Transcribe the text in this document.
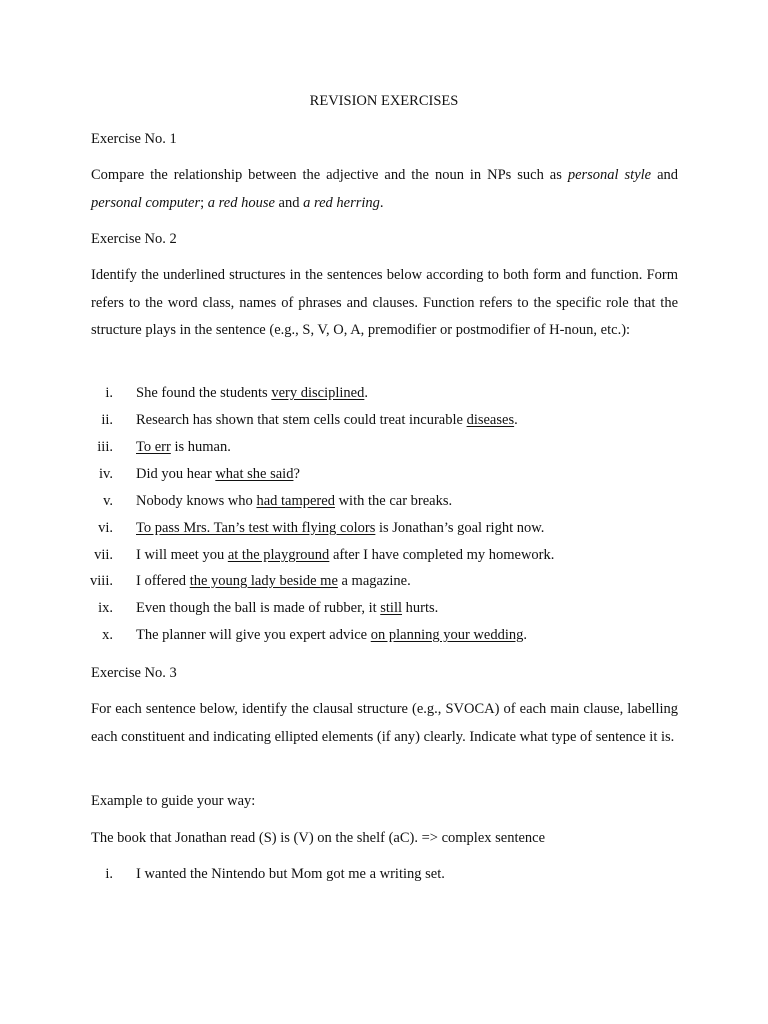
REVISION EXERCISES
Exercise No. 1
Compare the relationship between the adjective and the noun in NPs such as personal style and personal computer; a red house and a red herring.
Exercise No. 2
Identify the underlined structures in the sentences below according to both form and function. Form refers to the word class, names of phrases and clauses. Function refers to the specific role that the structure plays in the sentence (e.g., S, V, O, A, premodifier or postmodifier of H-noun, etc.):
i. She found the students very disciplined.
ii. Research has shown that stem cells could treat incurable diseases.
iii. To err is human.
iv. Did you hear what she said?
v. Nobody knows who had tampered with the car breaks.
vi. To pass Mrs. Tan’s test with flying colors is Jonathan’s goal right now.
vii. I will meet you at the playground after I have completed my homework.
viii. I offered the young lady beside me a magazine.
ix. Even though the ball is made of rubber, it still hurts.
x. The planner will give you expert advice on planning your wedding.
Exercise No. 3
For each sentence below, identify the clausal structure (e.g., SVOCA) of each main clause, labelling each constituent and indicating ellipted elements (if any) clearly. Indicate what type of sentence it is.
Example to guide your way:
The book that Jonathan read (S) is (V) on the shelf (aC). => complex sentence
i. I wanted the Nintendo but Mom got me a writing set.
